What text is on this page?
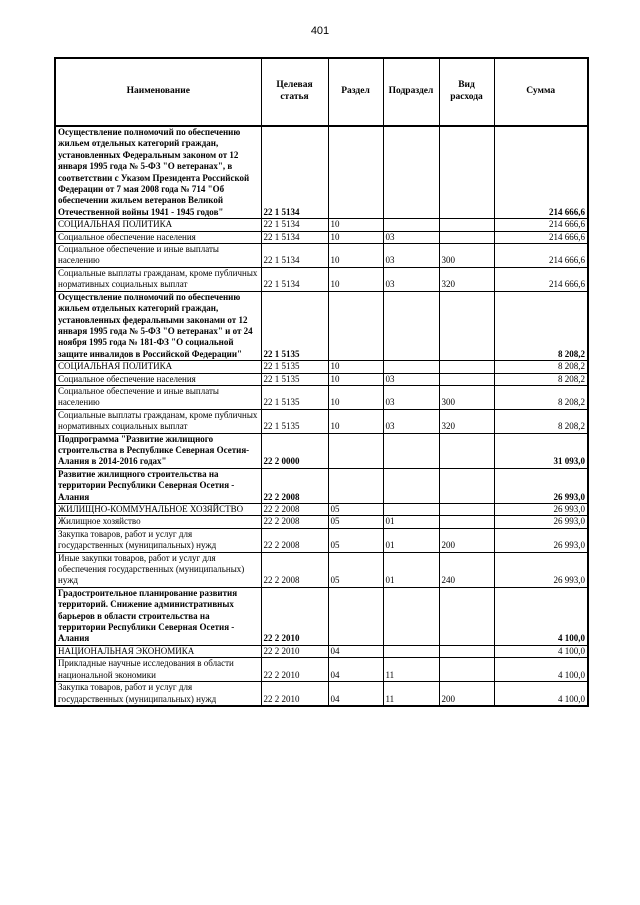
401
Наименование	Целевая статья	Раздел	Подраздел	Вид расхода	Сумма
Осуществление полномочий по обеспечению жильем отдельных категорий граждан, установленных Федеральным законом от 12 января 1995 года № 5-ФЗ "О ветеранах", в соответствии с Указом Президента Российской Федерации от 7 мая 2008 года № 714 "Об обеспечении жильем ветеранов Великой Отечественной войны 1941 - 1945 годов"	22 1 5134				214 666,6
СОЦИАЛЬНАЯ ПОЛИТИКА	22 1 5134	10			214 666,6
Социальное обеспечение населения	22 1 5134	10	03		214 666,6
Социальное обеспечение и иные выплаты населению	22 1 5134	10	03	300	214 666,6
Социальные выплаты гражданам, кроме публичных нормативных социальных выплат	22 1 5134	10	03	320	214 666,6
Осуществление полномочий по обеспечению жильем отдельных категорий граждан, установленных федеральными законами от 12 января 1995 года № 5-ФЗ "О ветеранах" и от 24 ноября 1995 года № 181-ФЗ "О социальной защите инвалидов в Российской Федерации"	22 1 5135				8 208,2
СОЦИАЛЬНАЯ ПОЛИТИКА	22 1 5135	10			8 208,2
Социальное обеспечение населения	22 1 5135	10	03		8 208,2
Социальное обеспечение и иные выплаты населению	22 1 5135	10	03	300	8 208,2
Социальные выплаты гражданам, кроме публичных нормативных социальных выплат	22 1 5135	10	03	320	8 208,2
Подпрограмма "Развитие жилищного строительства в Республике Северная Осетия-Алания в 2014-2016 годах"	22 2 0000				31 093,0
Развитие жилищного строительства на территории Республики Северная Осетия - Алания	22 2 2008				26 993,0
ЖИЛИЩНО-КОММУНАЛЬНОЕ ХОЗЯЙСТВО	22 2 2008	05			26 993,0
Жилищное хозяйство	22 2 2008	05	01		26 993,0
Закупка товаров, работ и услуг для государственных (муниципальных) нужд	22 2 2008	05	01	200	26 993,0
Иные закупки товаров, работ и услуг для обеспечения государственных (муниципальных) нужд	22 2 2008	05	01	240	26 993,0
Градостроительное планирование развития территорий. Снижение административных барьеров в области строительства на территории Республики Северная Осетия - Алания	22 2 2010				4 100,0
НАЦИОНАЛЬНАЯ ЭКОНОМИКА	22 2 2010	04			4 100,0
Прикладные научные исследования в области национальной экономики	22 2 2010	04	11		4 100,0
Закупка товаров, работ и услуг для государственных (муниципальных) нужд	22 2 2010	04	11	200	4 100,0
